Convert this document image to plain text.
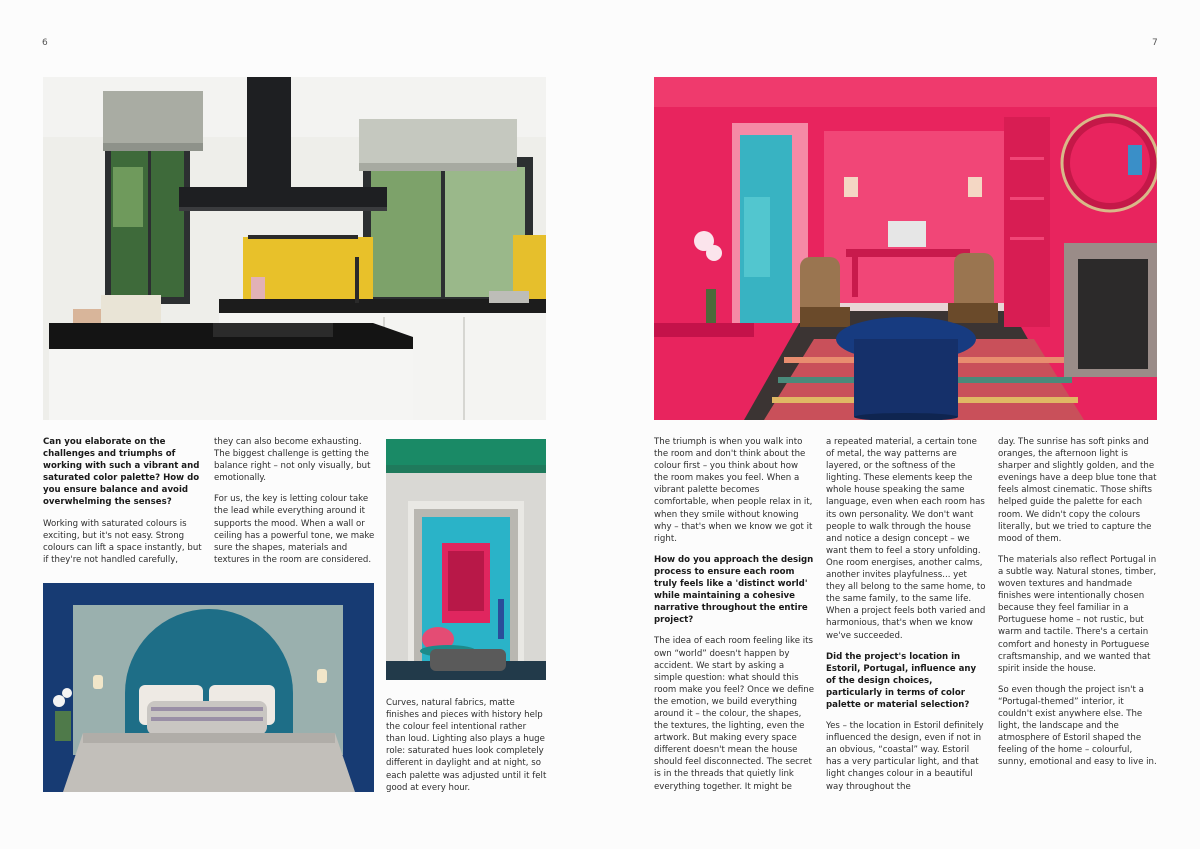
6

Can you elaborate on the challenges and triumphs of working with such a vibrant and saturated color palette? How do you ensure balance and avoid overwhelming the senses?

Working with saturated colours is exciting, but it's not easy. Strong colours can lift a space instantly, but if they're not handled carefully,

they can also become exhausting. The biggest challenge is getting the balance right – not only visually, but emotionally.

For us, the key is letting colour take the lead while everything around it supports the mood. When a wall or ceiling has a powerful tone, we make sure the shapes, materials and textures in the room are considered.

Curves, natural fabrics, matte finishes and pieces with history help the colour feel intentional rather than loud. Lighting also plays a huge role: saturated hues look completely different in daylight and at night, so each palette was adjusted until it felt good at every hour.

7

The triumph is when you walk into the room and don't think about the colour first – you think about how the room makes you feel. When a vibrant palette becomes comfortable, when people relax in it, when they smile without knowing why – that's when we know we got it right.

How do you approach the design process to ensure each room truly feels like a 'distinct world' while maintaining a cohesive narrative throughout the entire project?

The idea of each room feeling like its own “world” doesn't happen by accident. We start by asking a simple question: what should this room make you feel? Once we define the emotion, we build everything around it – the colour, the shapes, the textures, the lighting, even the artwork. But making every space different doesn't mean the house should feel disconnected. The secret is in the threads that quietly link everything together. It might be

a repeated material, a certain tone of metal, the way patterns are layered, or the softness of the lighting. These elements keep the whole house speaking the same language, even when each room has its own personality. We don't want people to walk through the house and notice a design concept – we want them to feel a story unfolding. One room energises, another calms, another invites playfulness... yet they all belong to the same home, to the same family, to the same life. When a project feels both varied and harmonious, that's when we know we've succeeded.

Did the project's location in Estoril, Portugal, influence any of the design choices, particularly in terms of color palette or material selection?

Yes – the location in Estoril definitely influenced the design, even if not in an obvious, “coastal” way. Estoril has a very particular light, and that light changes colour in a beautiful way throughout the

day. The sunrise has soft pinks and oranges, the afternoon light is sharper and slightly golden, and the evenings have a deep blue tone that feels almost cinematic. Those shifts helped guide the palette for each room. We didn't copy the colours literally, but we tried to capture the mood of them.

The materials also reflect Portugal in a subtle way. Natural stones, timber, woven textures and handmade finishes were intentionally chosen because they feel familiar in a Portuguese home – not rustic, but warm and tactile. There's a certain comfort and honesty in Portuguese craftsmanship, and we wanted that spirit inside the house.

So even though the project isn't a “Portugal-themed” interior, it couldn't exist anywhere else. The light, the landscape and the atmosphere of Estoril shaped the feeling of the home – colourful, sunny, emotional and easy to live in.
